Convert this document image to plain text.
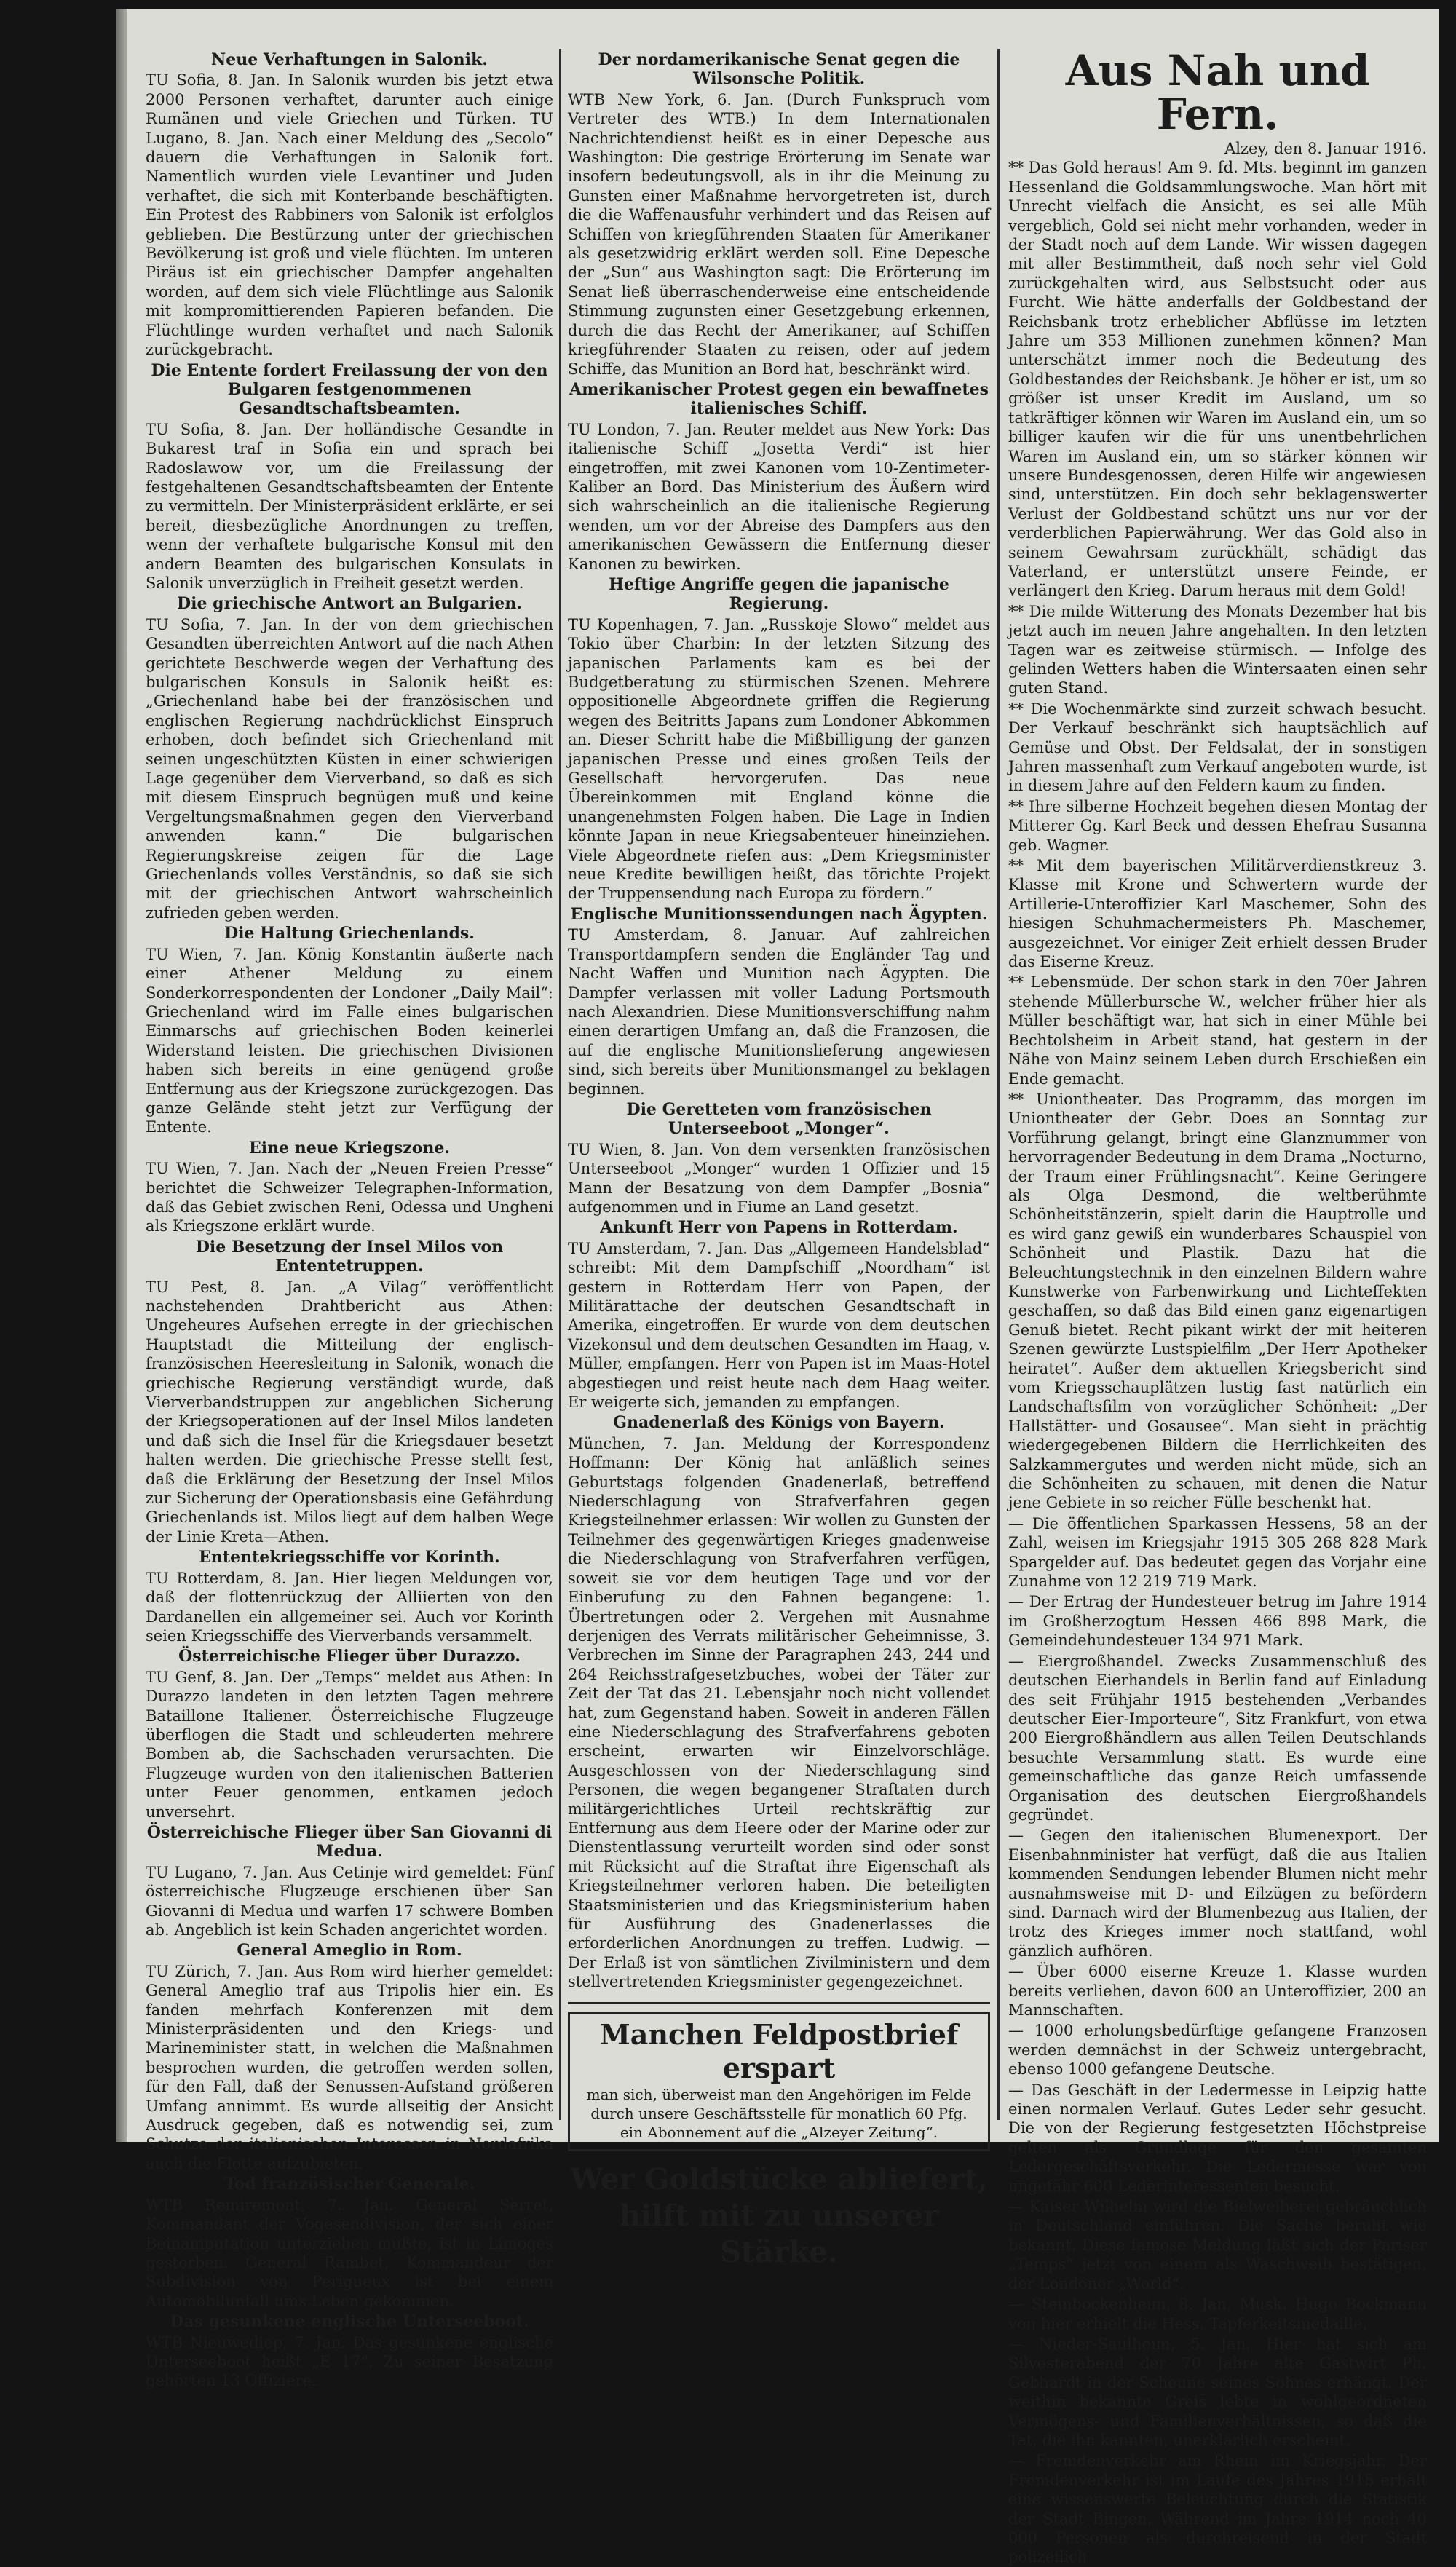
Neue Verhaftungen in Salonik.

TU Sofia, 8. Jan. In Salonik wurden bis jetzt etwa 2000 Personen verhaftet, darunter auch einige Rumänen und viele Griechen und Türken. TU Lugano, 8. Jan. Nach einer Meldung des „Secolo“ dauern die Verhaftungen in Salonik fort. Namentlich wurden viele Levantiner und Juden verhaftet, die sich mit Konterbande beschäftigten. Ein Protest des Rabbiners von Salonik ist erfolglos geblieben. Die Bestürzung unter der griechischen Bevölkerung ist groß und viele flüchten. Im unteren Piräus ist ein griechischer Dampfer angehalten worden, auf dem sich viele Flüchtlinge aus Salonik mit kompromittierenden Papieren befanden. Die Flüchtlinge wurden verhaftet und nach Salonik zurückgebracht.

Die Entente fordert Freilassung der von den Bulgaren festgenommenen Gesandtschaftsbeamten.

TU Sofia, 8. Jan. Der holländische Gesandte in Bukarest traf in Sofia ein und sprach bei Radoslawow vor, um die Freilassung der festgehaltenen Gesandtschaftsbeamten der Entente zu vermitteln. Der Ministerpräsident erklärte, er sei bereit, diesbezügliche Anordnungen zu treffen, wenn der verhaftete bulgarische Konsul mit den andern Beamten des bulgarischen Konsulats in Salonik unverzüglich in Freiheit gesetzt werden.

Die griechische Antwort an Bulgarien.

TU Sofia, 7. Jan. In der von dem griechischen Gesandten überreichten Antwort auf die nach Athen gerichtete Beschwerde wegen der Verhaftung des bulgarischen Konsuls in Salonik heißt es: „Griechenland habe bei der französischen und englischen Regierung nachdrücklichst Einspruch erhoben, doch befindet sich Griechenland mit seinen ungeschützten Küsten in einer schwierigen Lage gegenüber dem Vierverband, so daß es sich mit diesem Einspruch begnügen muß und keine Vergeltungsmaßnahmen gegen den Vierverband anwenden kann.“ Die bulgarischen Regierungskreise zeigen für die Lage Griechenlands volles Verständnis, so daß sie sich mit der griechischen Antwort wahrscheinlich zufrieden geben werden.

Die Haltung Griechenlands.

TU Wien, 7. Jan. König Konstantin äußerte nach einer Athener Meldung zu einem Sonderkorrespondenten der Londoner „Daily Mail“: Griechenland wird im Falle eines bulgarischen Einmarschs auf griechischen Boden keinerlei Widerstand leisten. Die griechischen Divisionen haben sich bereits in eine genügend große Entfernung aus der Kriegszone zurückgezogen. Das ganze Gelände steht jetzt zur Verfügung der Entente.

Eine neue Kriegszone.

TU Wien, 7. Jan. Nach der „Neuen Freien Presse“ berichtet die Schweizer Telegraphen-Information, daß das Gebiet zwischen Reni, Odessa und Ungheni als Kriegszone erklärt wurde.

Die Besetzung der Insel Milos von Ententetruppen.

TU Pest, 8. Jan. „A Vilag“ veröffentlicht nachstehenden Drahtbericht aus Athen: Ungeheures Aufsehen erregte in der griechischen Hauptstadt die Mitteilung der englisch-französischen Heeresleitung in Salonik, wonach die griechische Regierung verständigt wurde, daß Vierverbandstruppen zur angeblichen Sicherung der Kriegsoperationen auf der Insel Milos landeten und daß sich die Insel für die Kriegsdauer besetzt halten werden. Die griechische Presse stellt fest, daß die Erklärung der Besetzung der Insel Milos zur Sicherung der Operationsbasis eine Gefährdung Griechenlands ist. Milos liegt auf dem halben Wege der Linie Kreta—Athen.

Ententekriegsschiffe vor Korinth.

TU Rotterdam, 8. Jan. Hier liegen Meldungen vor, daß der flottenrückzug der Alliierten von den Dardanellen ein allgemeiner sei. Auch vor Korinth seien Kriegsschiffe des Vierverbands versammelt.

Österreichische Flieger über Durazzo.

TU Genf, 8. Jan. Der „Temps“ meldet aus Athen: In Durazzo landeten in den letzten Tagen mehrere Bataillone Italiener. Österreichische Flugzeuge überflogen die Stadt und schleuderten mehrere Bomben ab, die Sachschaden verursachten. Die Flugzeuge wurden von den italienischen Batterien unter Feuer genommen, entkamen jedoch unversehrt.

Österreichische Flieger über San Giovanni di Medua.

TU Lugano, 7. Jan. Aus Cetinje wird gemeldet: Fünf österreichische Flugzeuge erschienen über San Giovanni di Medua und warfen 17 schwere Bomben ab. Angeblich ist kein Schaden angerichtet worden.

General Ameglio in Rom.

TU Zürich, 7. Jan. Aus Rom wird hierher gemeldet: General Ameglio traf aus Tripolis hier ein. Es fanden mehrfach Konferenzen mit dem Ministerpräsidenten und den Kriegs- und Marineminister statt, in welchen die Maßnahmen besprochen wurden, die getroffen werden sollen, für den Fall, daß der Senussen-Aufstand größeren Umfang annimmt. Es wurde allseitig der Ansicht Ausdruck gegeben, daß es notwendig sei, zum Schutze der italienischen Interessen in Nordafrika auch die Flotte aufzubieten.

Tod französischer Generale.

WTB Remiremont, 7. Jan. General Serret, Kommandant der Vogesendivision, der sich einer Beinamputation unterziehen mußte, ist in Limoges gestorben. General Rambet, Kommandeur der Subdivision von Perigueux ist bei einem Automobilunfall ums Leben gekommen.

Das gesunkene englische Unterseeboot.

WTB Nieuwediep, 7. Jan. Das gesunkene englische Unterseeboot heißt „E 17“. Zu seiner Besatzung gehörten 13 Offiziere.

Der nordamerikanische Senat gegen die Wilsonsche Politik.

WTB New York, 6. Jan. (Durch Funkspruch vom Vertreter des WTB.) In dem Internationalen Nachrichtendienst heißt es in einer Depesche aus Washington: Die gestrige Erörterung im Senate war insofern bedeutungsvoll, als in ihr die Meinung zu Gunsten einer Maßnahme hervorgetreten ist, durch die die Waffenausfuhr verhindert und das Reisen auf Schiffen von kriegführenden Staaten für Amerikaner als gesetzwidrig erklärt werden soll. Eine Depesche der „Sun“ aus Washington sagt: Die Erörterung im Senat ließ überraschenderweise eine entscheidende Stimmung zugunsten einer Gesetzgebung erkennen, durch die das Recht der Amerikaner, auf Schiffen kriegführender Staaten zu reisen, oder auf jedem Schiffe, das Munition an Bord hat, beschränkt wird.

Amerikanischer Protest gegen ein bewaffnetes italienisches Schiff.

TU London, 7. Jan. Reuter meldet aus New York: Das italienische Schiff „Josetta Verdi“ ist hier eingetroffen, mit zwei Kanonen vom 10-Zentimeter-Kaliber an Bord. Das Ministerium des Äußern wird sich wahrscheinlich an die italienische Regierung wenden, um vor der Abreise des Dampfers aus den amerikanischen Gewässern die Entfernung dieser Kanonen zu bewirken.

Heftige Angriffe gegen die japanische Regierung.

TU Kopenhagen, 7. Jan. „Russkoje Slowo“ meldet aus Tokio über Charbin: In der letzten Sitzung des japanischen Parlaments kam es bei der Budgetberatung zu stürmischen Szenen. Mehrere oppositionelle Abgeordnete griffen die Regierung wegen des Beitritts Japans zum Londoner Abkommen an. Dieser Schritt habe die Mißbilligung der ganzen japanischen Presse und eines großen Teils der Gesellschaft hervorgerufen. Das neue Übereinkommen mit England könne die unangenehmsten Folgen haben. Die Lage in Indien könnte Japan in neue Kriegsabenteuer hineinziehen. Viele Abgeordnete riefen aus: „Dem Kriegsminister neue Kredite bewilligen heißt, das törichte Projekt der Truppensendung nach Europa zu fördern.“

Englische Munitionssendungen nach Ägypten.

TU Amsterdam, 8. Januar. Auf zahlreichen Transportdampfern senden die Engländer Tag und Nacht Waffen und Munition nach Ägypten. Die Dampfer verlassen mit voller Ladung Portsmouth nach Alexandrien. Diese Munitionsverschiffung nahm einen derartigen Umfang an, daß die Franzosen, die auf die englische Munitionslieferung angewiesen sind, sich bereits über Munitionsmangel zu beklagen beginnen.

Die Geretteten vom französischen Unterseeboot „Monger“.

TU Wien, 8. Jan. Von dem versenkten französischen Unterseeboot „Monger“ wurden 1 Offizier und 15 Mann der Besatzung von dem Dampfer „Bosnia“ aufgenommen und in Fiume an Land gesetzt.

Ankunft Herr von Papens in Rotterdam.

TU Amsterdam, 7. Jan. Das „Allgemeen Handelsblad“ schreibt: Mit dem Dampfschiff „Noordham“ ist gestern in Rotterdam Herr von Papen, der Militärattache der deutschen Gesandtschaft in Amerika, eingetroffen. Er wurde von dem deutschen Vizekonsul und dem deutschen Gesandten im Haag, v. Müller, empfangen. Herr von Papen ist im Maas-Hotel abgestiegen und reist heute nach dem Haag weiter. Er weigerte sich, jemanden zu empfangen.

Gnadenerlaß des Königs von Bayern.

München, 7. Jan. Meldung der Korrespondenz Hoffmann: Der König hat anläßlich seines Geburtstags folgenden Gnadenerlaß, betreffend Niederschlagung von Strafverfahren gegen Kriegsteilnehmer erlassen: Wir wollen zu Gunsten der Teilnehmer des gegenwärtigen Krieges gnadenweise die Niederschlagung von Strafverfahren verfügen, soweit sie vor dem heutigen Tage und vor der Einberufung zu den Fahnen begangene: 1. Übertretungen oder 2. Vergehen mit Ausnahme derjenigen des Verrats militärischer Geheimnisse, 3. Verbrechen im Sinne der Paragraphen 243, 244 und 264 Reichsstrafgesetzbuches, wobei der Täter zur Zeit der Tat das 21. Lebensjahr noch nicht vollendet hat, zum Gegenstand haben. Soweit in anderen Fällen eine Niederschlagung des Strafverfahrens geboten erscheint, erwarten wir Einzelvorschläge. Ausgeschlossen von der Niederschlagung sind Personen, die wegen begangener Straftaten durch militärgerichtliches Urteil rechtskräftig zur Entfernung aus dem Heere oder der Marine oder zur Dienstentlassung verurteilt worden sind oder sonst mit Rücksicht auf die Straftat ihre Eigenschaft als Kriegsteilnehmer verloren haben. Die beteiligten Staatsministerien und das Kriegsministerium haben für Ausführung des Gnadenerlasses die erforderlichen Anordnungen zu treffen. Ludwig. — Der Erlaß ist von sämtlichen Zivilministern und dem stellvertretenden Kriegsminister gegengezeichnet.

Manchen Feldpostbrief erspart
man sich, überweist man den Angehörigen im Felde durch unsere Geschäftsstelle für monatlich 60 Pfg. ein Abonnement auf die „Alzeyer Zeitung“.
Wer Goldstücke abliefert, hilft mit zu unserer Stärke.
Aus Nah und Fern.
Alzey, den 8. Januar 1916.

** Das Gold heraus! Am 9. fd. Mts. beginnt im ganzen Hessenland die Goldsammlungswoche. Man hört mit Unrecht vielfach die Ansicht, es sei alle Müh vergeblich, Gold sei nicht mehr vorhanden, weder in der Stadt noch auf dem Lande. Wir wissen dagegen mit aller Bestimmtheit, daß noch sehr viel Gold zurückgehalten wird, aus Selbstsucht oder aus Furcht. Wie hätte anderfalls der Goldbestand der Reichsbank trotz erheblicher Abflüsse im letzten Jahre um 353 Millionen zunehmen können? Man unterschätzt immer noch die Bedeutung des Goldbestandes der Reichsbank. Je höher er ist, um so größer ist unser Kredit im Ausland, um so tatkräftiger können wir Waren im Ausland ein, um so billiger kaufen wir die für uns unentbehrlichen Waren im Ausland ein, um so stärker können wir unsere Bundesgenossen, deren Hilfe wir angewiesen sind, unterstützen. Ein doch sehr beklagenswerter Verlust der Goldbestand schützt uns nur vor der verderblichen Papierwährung. Wer das Gold also in seinem Gewahrsam zurückhält, schädigt das Vaterland, er unterstützt unsere Feinde, er verlängert den Krieg. Darum heraus mit dem Gold!

** Die milde Witterung des Monats Dezember hat bis jetzt auch im neuen Jahre angehalten. In den letzten Tagen war es zeitweise stürmisch. — Infolge des gelinden Wetters haben die Wintersaaten einen sehr guten Stand.

** Die Wochenmärkte sind zurzeit schwach besucht. Der Verkauf beschränkt sich hauptsächlich auf Gemüse und Obst. Der Feldsalat, der in sonstigen Jahren massenhaft zum Verkauf angeboten wurde, ist in diesem Jahre auf den Feldern kaum zu finden.

** Ihre silberne Hochzeit begehen diesen Montag der Mitterer Gg. Karl Beck und dessen Ehefrau Susanna geb. Wagner.

** Mit dem bayerischen Militärverdienstkreuz 3. Klasse mit Krone und Schwertern wurde der Artillerie-Unteroffizier Karl Maschemer, Sohn des hiesigen Schuhmachermeisters Ph. Maschemer, ausgezeichnet. Vor einiger Zeit erhielt dessen Bruder das Eiserne Kreuz.

** Lebensmüde. Der schon stark in den 70er Jahren stehende Müllerbursche W., welcher früher hier als Müller beschäftigt war, hat sich in einer Mühle bei Bechtolsheim in Arbeit stand, hat gestern in der Nähe von Mainz seinem Leben durch Erschießen ein Ende gemacht.

** Uniontheater. Das Programm, das morgen im Uniontheater der Gebr. Does an Sonntag zur Vorführung gelangt, bringt eine Glanznummer von hervorragender Bedeutung in dem Drama „Nocturno, der Traum einer Frühlingsnacht“. Keine Geringere als Olga Desmond, die weltberühmte Schönheitstänzerin, spielt darin die Hauptrolle und es wird ganz gewiß ein wunderbares Schauspiel von Schönheit und Plastik. Dazu hat die Beleuchtungstechnik in den einzelnen Bildern wahre Kunstwerke von Farbenwirkung und Lichteffekten geschaffen, so daß das Bild einen ganz eigenartigen Genuß bietet. Recht pikant wirkt der mit heiteren Szenen gewürzte Lustspielfilm „Der Herr Apotheker heiratet“. Außer dem aktuellen Kriegsbericht sind vom Kriegsschauplätzen lustig fast natürlich ein Landschaftsfilm von vorzüglicher Schönheit: „Der Hallstätter- und Gosausee“. Man sieht in prächtig wiedergegebenen Bildern die Herrlichkeiten des Salzkammergutes und werden nicht müde, sich an die Schönheiten zu schauen, mit denen die Natur jene Gebiete in so reicher Fülle beschenkt hat.

— Die öffentlichen Sparkassen Hessens, 58 an der Zahl, weisen im Kriegsjahr 1915 305 268 828 Mark Spargelder auf. Das bedeutet gegen das Vorjahr eine Zunahme von 12 219 719 Mark.

— Der Ertrag der Hundesteuer betrug im Jahre 1914 im Großherzogtum Hessen 466 898 Mark, die Gemeindehundesteuer 134 971 Mark.

— Eiergroßhandel. Zwecks Zusammenschluß des deutschen Eierhandels in Berlin fand auf Einladung des seit Frühjahr 1915 bestehenden „Verbandes deutscher Eier-Importeure“, Sitz Frankfurt, von etwa 200 Eiergroßhändlern aus allen Teilen Deutschlands besuchte Versammlung statt. Es wurde eine gemeinschaftliche das ganze Reich umfassende Organisation des deutschen Eiergroßhandels gegründet.

— Gegen den italienischen Blumenexport. Der Eisenbahnminister hat verfügt, daß die aus Italien kommenden Sendungen lebender Blumen nicht mehr ausnahmsweise mit D- und Eilzügen zu befördern sind. Darnach wird der Blumenbezug aus Italien, der trotz des Krieges immer noch stattfand, wohl gänzlich aufhören.

— Über 6000 eiserne Kreuze 1. Klasse wurden bereits verliehen, davon 600 an Unteroffizier, 200 an Mannschaften.

— 1000 erholungsbedürftige gefangene Franzosen werden demnächst in der Schweiz untergebracht, ebenso 1000 gefangene Deutsche.

— Das Geschäft in der Ledermesse in Leipzig hatte einen normalen Verlauf. Gutes Leder sehr gesucht. Die von der Regierung festgesetzten Höchstpreise gelten als Grundlage für den gesamten Ledergeschäftsverkehr. Die Ledermesse war von ungefähr 600 Lederinteressenten besucht.

— Kaiser Wilhelm wird die Bielweiberei gebräuchlich in Deutschland einführen. Die Sache beruht wie bekannt. Diese famose Meldung läßt sich der Pariser „Temps“ jetzt von einem als Waschweib bestätigen, der Londoner „World“.

— Steinbockenheim, 8. Jan. Musk. Hugo Bockmann von hier erhielt die Hess. Tapferkeitsmedaille.

— Nieder-Saulheim, 5. Jan. Hier hat sich am Silvesterabend der 70 Jahre alte Gastwirt Ph. Gebhardt in der Scheune seines Sohnes erhängt. Der weithin bekannte Greis lebte in wohlgeordneten Vermögens- und Familienverhältnissen, so daß die Tat, die ihn kannten, unerklärlich erscheint.

— Fremdenverkehr am Rhein im Kriegsjahr. Der Fremdenverkehr ist im Laufe des Jahres 1915 erhält eine wissenswerte Beleuchtung durch die Statistik der Stadt Bingen. Während im Jahre 1914 noch 40 000 Personen als durchreisend in der Stadt polizeilich
